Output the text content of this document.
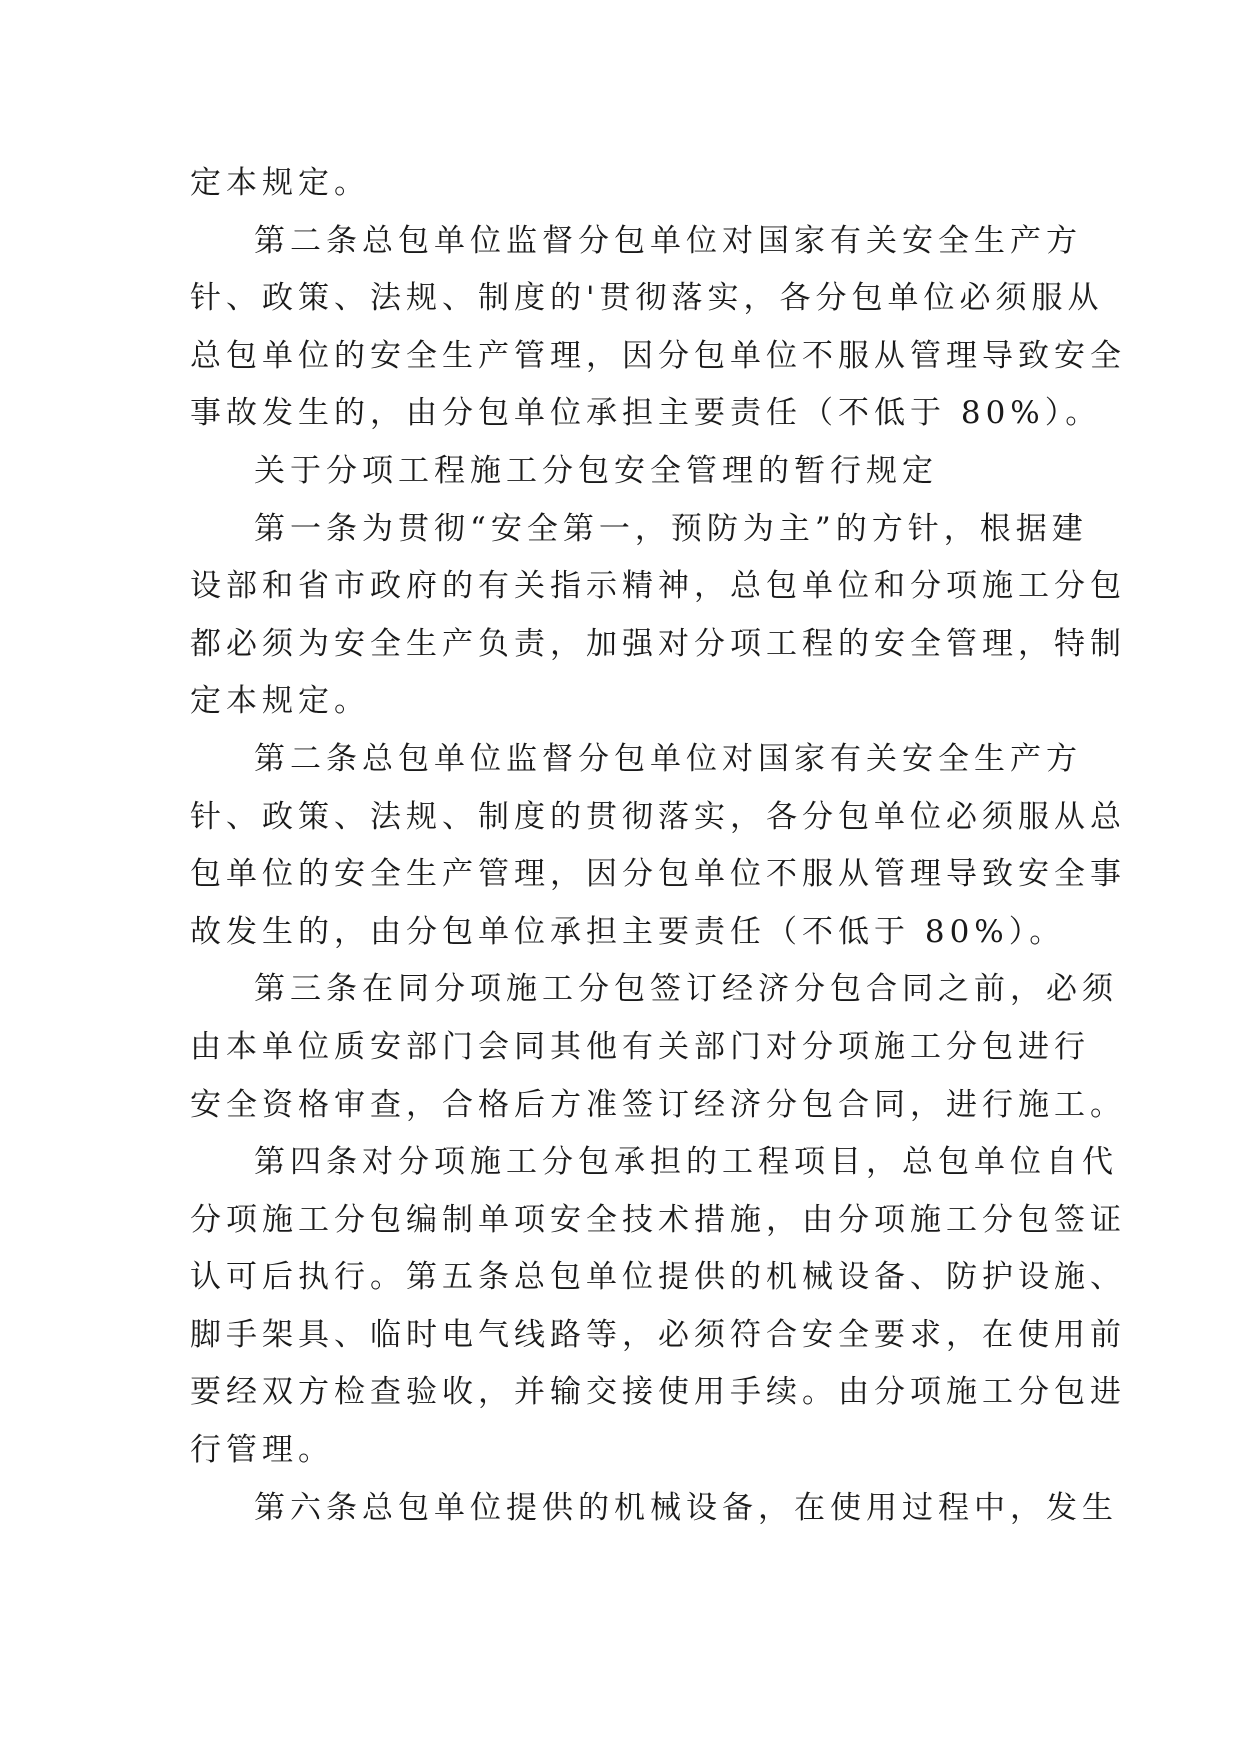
定本规定。
第二条总包单位监督分包单位对国家有关安全生产方
针、政策、法规、制度的'贯彻落实，各分包单位必须服从
总包单位的安全生产管理，因分包单位不服从管理导致安全
事故发生的，由分包单位承担主要责任（不低于 80%）。
关于分项工程施工分包安全管理的暂行规定
第一条为贯彻“安全第一，预防为主”的方针，根据建
设部和省市政府的有关指示精神，总包单位和分项施工分包
都必须为安全生产负责，加强对分项工程的安全管理，特制
定本规定。
第二条总包单位监督分包单位对国家有关安全生产方
针、政策、法规、制度的贯彻落实，各分包单位必须服从总
包单位的安全生产管理，因分包单位不服从管理导致安全事
故发生的，由分包单位承担主要责任（不低于 80%）。
第三条在同分项施工分包签订经济分包合同之前，必须
由本单位质安部门会同其他有关部门对分项施工分包进行
安全资格审查，合格后方准签订经济分包合同，进行施工。
第四条对分项施工分包承担的工程项目，总包单位自代
分项施工分包编制单项安全技术措施，由分项施工分包签证
认可后执行。第五条总包单位提供的机械设备、防护设施、
脚手架具、临时电气线路等，必须符合安全要求，在使用前
要经双方检查验收，并输交接使用手续。由分项施工分包进
行管理。
第六条总包单位提供的机械设备，在使用过程中，发生
